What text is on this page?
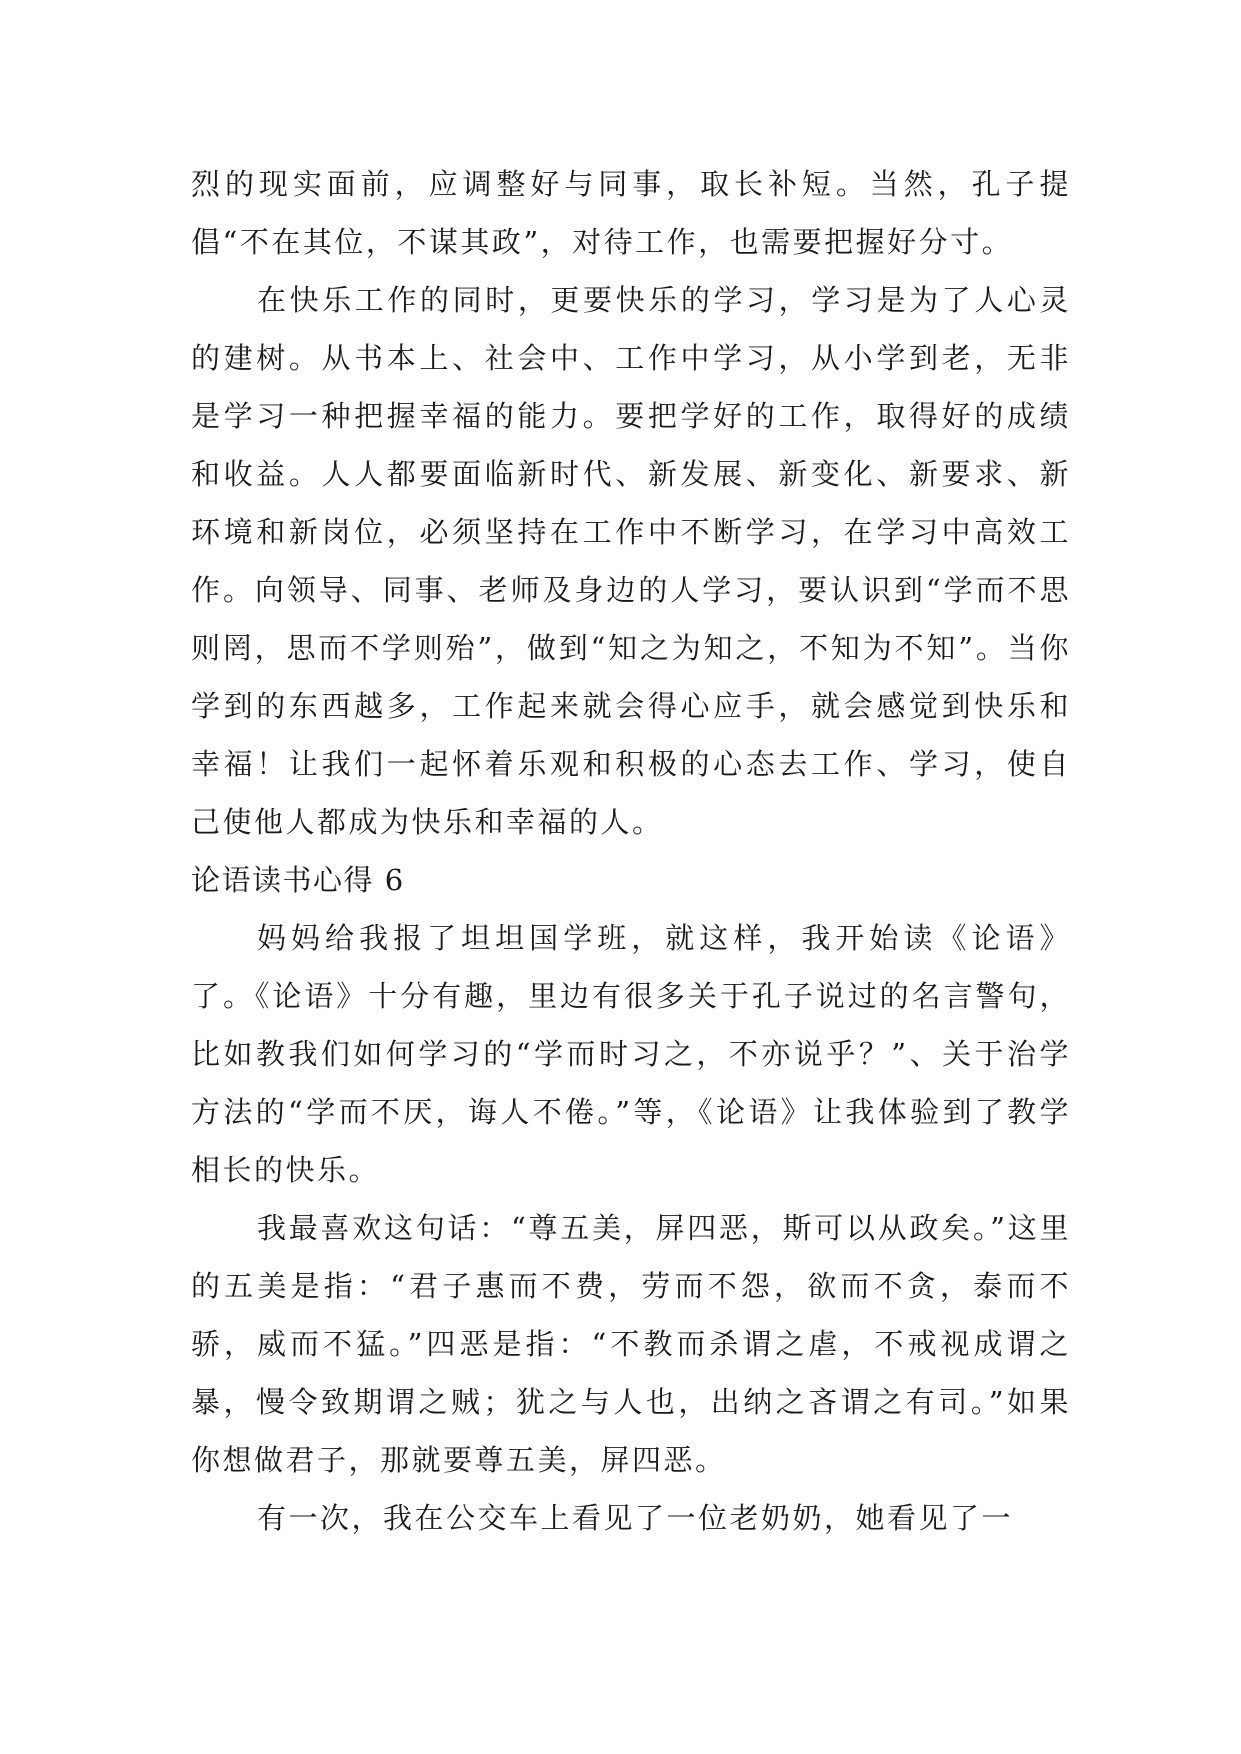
烈的现实面前，应调整好与同事，取长补短。当然，孔子提倡“不在其位，不谋其政”，对待工作，也需要把握好分寸。

在快乐工作的同时，更要快乐的学习，学习是为了人心灵的建树。从书本上、社会中、工作中学习，从小学到老，无非是学习一种把握幸福的能力。要把学好的工作，取得好的成绩和收益。人人都要面临新时代、新发展、新变化、新要求、新环境和新岗位，必须坚持在工作中不断学习，在学习中高效工作。向领导、同事、老师及身边的人学习，要认识到“学而不思则罔，思而不学则殆”，做到“知之为知之，不知为不知”。当你学到的东西越多，工作起来就会得心应手，就会感觉到快乐和幸福！让我们一起怀着乐观和积极的心态去工作、学习，使自己使他人都成为快乐和幸福的人。

论语读书心得 6

妈妈给我报了坦坦国学班，就这样，我开始读《论语》了。《论语》十分有趣，里边有很多关于孔子说过的名言警句，比如教我们如何学习的“学而时习之，不亦说乎？”、关于治学方法的“学而不厌，诲人不倦。”等，《论语》让我体验到了教学相长的快乐。

我最喜欢这句话：“尊五美，屏四恶，斯可以从政矣。”这里的五美是指：“君子惠而不费，劳而不怨，欲而不贪，泰而不骄，威而不猛。”四恶是指：“不教而杀谓之虐，不戒视成谓之暴，慢令致期谓之贼；犹之与人也，出纳之吝谓之有司。”如果你想做君子，那就要尊五美，屏四恶。

有一次，我在公交车上看见了一位老奶奶，她看见了一
